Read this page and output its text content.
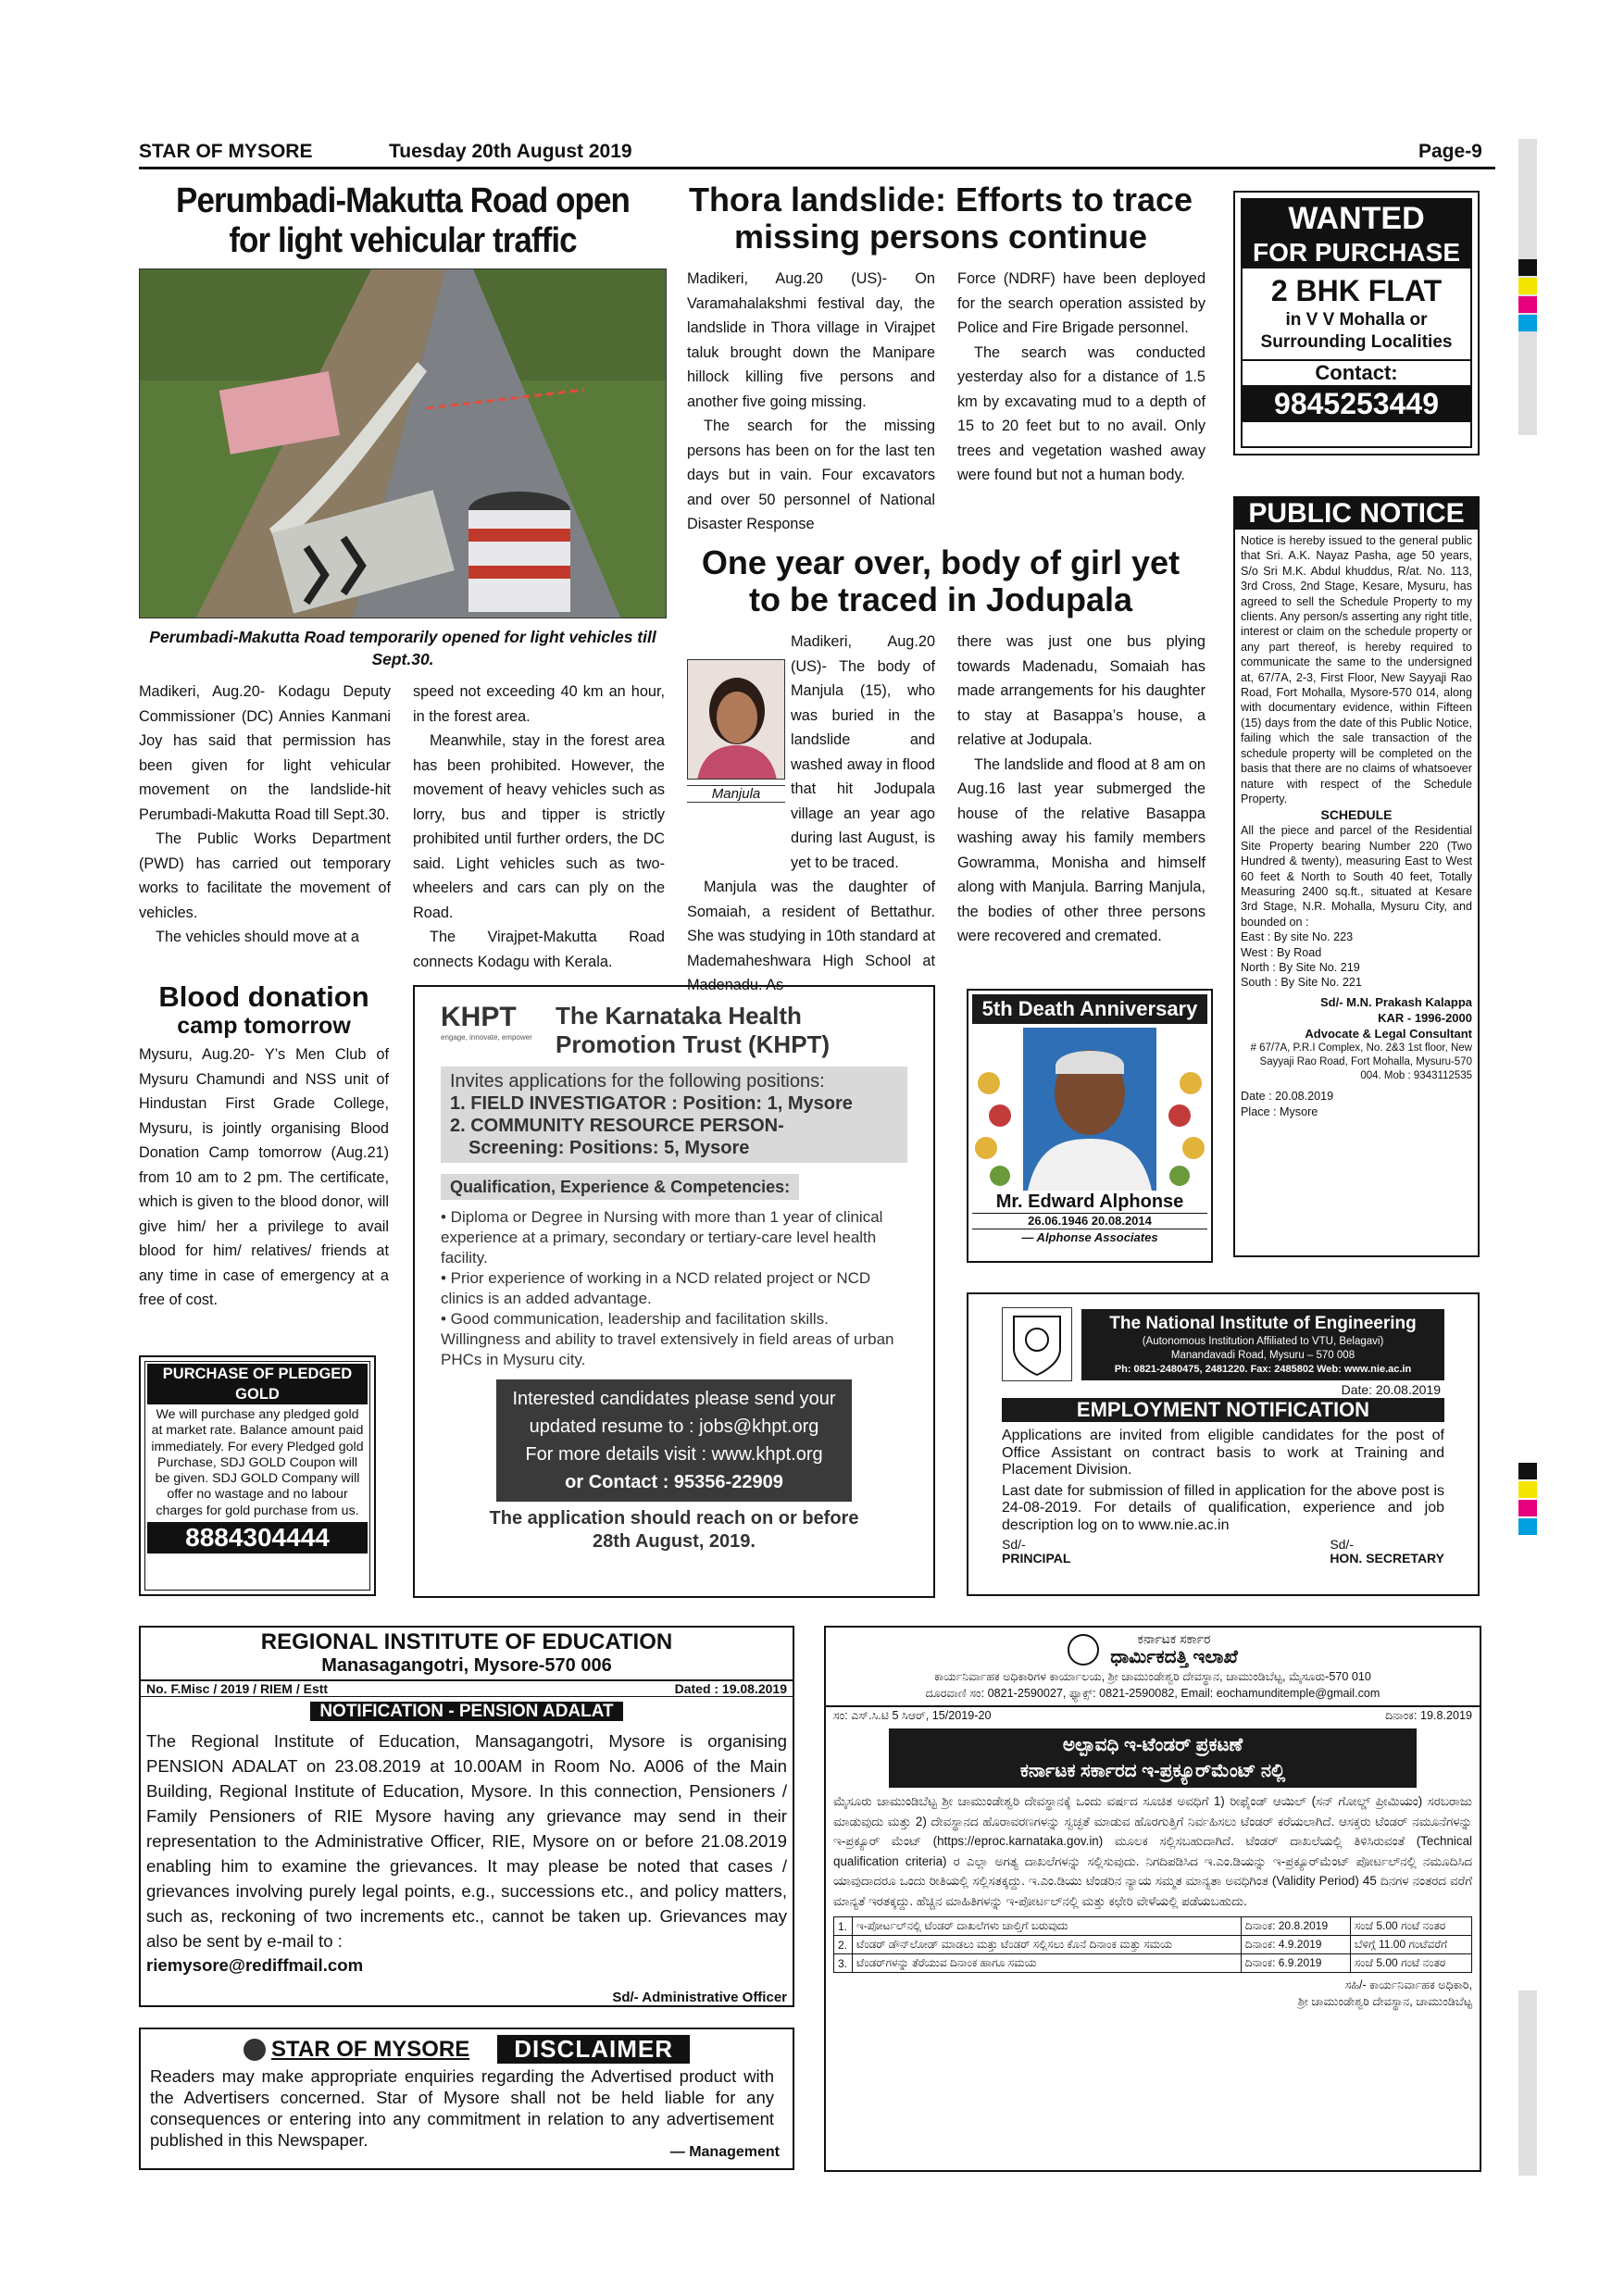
STAR OF MYSORE	Tuesday 20th August 2019	Page-9
Perumbadi-Makutta Road open for light vehicular traffic
Perumbadi-Makutta Road temporarily opened for light vehicles till Sept.30.

Madikeri, Aug.20- Kodagu Deputy Commissioner (DC) Annies Kanmani Joy has said that permission has been given for light vehicular movement on the landslide-hit Perumbadi-Makutta Road till Sept.30.

The Public Works Department (PWD) has carried out temporary works to facilitate the movement of vehicles.

The vehicles should move at a

speed not exceeding 40 km an hour, in the forest area.

Meanwhile, stay in the forest area has been prohibited. However, the movement of heavy vehicles such as lorry, bus and tipper is strictly prohibited until further orders, the DC said. Light vehicles such as two-wheelers and cars can ply on the Road.

The Virajpet-Makutta Road connects Kodagu with Kerala.

Thora landslide: Efforts to trace missing persons continue

Madikeri, Aug.20 (US)- On Varamahalakshmi festival day, the landslide in Thora village in Virajpet taluk brought down the Manipare hillock killing five persons and another five going missing.

The search for the missing persons has been on for the last ten days but in vain. Four excavators and over 50 personnel of National Disaster Response

Force (NDRF) have been deployed for the search operation assisted by Police and Fire Brigade personnel.

The search was conducted yesterday also for a distance of 1.5 km by excavating mud to a depth of 15 to 20 feet but to no avail. Only trees and vegetation washed away were found but not a human body.

One year over, body of girl yet to be traced in Jodupala
Manjula

Madikeri, Aug.20 (US)- The body of Manjula (15), who was buried in the landslide and washed away in flood that hit Jodupala village an year ago during last August, is yet to be traced.

Manjula was the daughter of Somaiah, a resident of Bettathur. She was studying in 10th standard at Mademaheshwara High School at Madenadu. As

there was just one bus plying towards Madenadu, Somaiah has made arrangements for his daughter to stay at Basappa’s house, a relative at Jodupala.

The landslide and flood at 8 am on Aug.16 last year submerged the house of the relative Basappa washing away his family members Gowramma, Monisha and himself along with Manjula. Barring Manjula, the bodies of other three persons were recovered and cremated.

WANTED
FOR PURCHASE
2 BHK FLAT
in V V Mohalla or
Surrounding Localities
Contact:
9845253449
PUBLIC NOTICE
Notice is hereby issued to the general public that Sri. A.K. Nayaz Pasha, age 50 years, S/o Sri M.K. Abdul khuddus, R/at. No. 113, 3rd Cross, 2nd Stage, Kesare, Mysuru, has agreed to sell the Schedule Property to my clients. Any person/s asserting any right title, interest or claim on the schedule property or any part thereof, is hereby required to communicate the same to the undersigned at, 67/7A, 2-3, First Floor, New Sayyaji Rao Road, Fort Mohalla, Mysore-570 014, along with documentary evidence, within Fifteen (15) days from the date of this Public Notice, failing which the sale transaction of the schedule property will be completed on the basis that there are no claims of whatsoever nature with respect of the Schedule Property.
SCHEDULE
All the piece and parcel of the Residential Site Property bearing Number 220 (Two Hundred & twenty), measuring East to West 60 feet & North to South 40 feet, Totally Measuring 2400 sq.ft., situated at Kesare 3rd Stage, N.R. Mohalla, Mysuru City, and bounded on :
East : By site No. 223
West : By Road
North : By Site No. 219
South : By Site No. 221
Sd/- M.N. Prakash Kalappa
KAR - 1996-2000
Advocate & Legal Consultant
# 67/7A, P.R.I Complex, No. 2&3 1st floor, New Sayyaji Rao Road, Fort Mohalla, Mysuru-570 004. Mob : 9343112535
Date : 20.08.2019
Place : Mysore
Blood donation
camp tomorrow
Mysuru, Aug.20- Y’s Men Club of Mysuru Chamundi and NSS unit of Hindustan First Grade College, Mysuru, is jointly organising Blood Donation Camp tomorrow (Aug.21) from 10 am to 2 pm. The certificate, which is given to the blood donor, will give him/ her a privilege to avail blood for him/ relatives/ friends at any time in case of emergency at a free of cost.
PURCHASE OF PLEDGED GOLD
We will purchase any pledged gold at market rate. Balance amount paid immediately. For every Pledged gold Purchase, SDJ GOLD Coupon will be given. SDJ GOLD Company will offer no wastage and no labour charges for gold purchase from us.
8884304444
KHPT
engage, innovate, empower
The Karnataka Health
Promotion Trust (KHPT)
Invites applications for the following positions:
1. FIELD INVESTIGATOR : Position: 1, Mysore
2. COMMUNITY RESOURCE PERSON-
Screening: Positions: 5, Mysore
Qualification, Experience & Competencies:
• Diploma or Degree in Nursing with more than 1 year of clinical experience at a primary, secondary or tertiary-care level health facility.
• Prior experience of working in a NCD related project or NCD clinics is an added advantage.
• Good communication, leadership and facilitation skills. Willingness and ability to travel extensively in field areas of urban PHCs in Mysuru city.
Interested candidates please send your
updated resume to : jobs@khpt.org
For more details visit : www.khpt.org
or Contact : 95356-22909
The application should reach on or before
28th August, 2019.
5th Death Anniversary
Mr. Edward Alphonse
26.06.1946 20.08.2014
— Alphonse Associates
The National Institute of Engineering
(Autonomous Institution Affiliated to VTU, Belagavi)
Manandavadi Road, Mysuru – 570 008
Ph: 0821-2480475, 2481220. Fax: 2485802 Web: www.nie.ac.in
Date: 20.08.2019
EMPLOYMENT NOTIFICATION
Applications are invited from eligible candidates for the post of Office Assistant on contract basis to work at Training and Placement Division.
Last date for submission of filled in application for the above post is 24-08-2019. For details of qualification, experience and job description log on to www.nie.ac.in
Sd/-
PRINCIPAL
Sd/-
HON. SECRETARY
REGIONAL INSTITUTE OF EDUCATION
Manasagangotri, Mysore-570 006
No. F.Misc / 2019 / RIEM / Estt	Dated : 19.08.2019
NOTIFICATION - PENSION ADALAT
The Regional Institute of Education, Mansagangotri, Mysore is organising PENSION ADALAT on 23.08.2019 at 10.00AM in Room No. A006 of the Main Building, Regional Institute of Education, Mysore. In this connection, Pensioners / Family Pensioners of RIE Mysore having any grievance may send in their representation to the Administrative Officer, RIE, Mysore on or before 21.08.2019 enabling him to examine the grievances. It may please be noted that cases / grievances involving purely legal points, e.g., successions etc., and policy matters, such as, reckoning of two increments etc., cannot be taken up. Grievances may also be sent by e-mail to :
riemysore@rediffmail.com
Sd/- Administrative Officer
STAR OF MYSORE	DISCLAIMER
Readers may make appropriate enquiries regarding the Advertised product with the Advertisers concerned. Star of Mysore shall not be held liable for any consequences or entering into any commitment in relation to any advertisement published in this Newspaper.
— Management
ಕರ್ನಾಟಕ ಸರ್ಕಾರ
ಧಾರ್ಮಿಕದತ್ತಿ ಇಲಾಖೆ
ಕಾರ್ಯನಿರ್ವಾಹಕ ಅಧಿಕಾರಿಗಳ ಕಾರ್ಯಾಲಯ, ಶ್ರೀ ಚಾಮುಂಡೇಶ್ವರಿ ದೇವಸ್ಥಾನ, ಚಾಮುಂಡಿಬೆಟ್ಟ, ಮೈಸೂರು-570 010
ದೂರವಾಣಿ ಸಂ: 0821-2590027, ಫ್ಯಾಕ್ಸ್: 0821-2590082, Email: eochamunditemple@gmail.com
ಸಂ: ಎಸ್.ಸಿ.ಟಿ 5 ಸಿಆರ್, 15/2019-20	ದಿನಾಂಕ: 19.8.2019
ಅಲ್ಪಾವಧಿ ಇ-ಟೆಂಡರ್ ಪ್ರಕಟಣೆ
ಕರ್ನಾಟಕ ಸರ್ಕಾರದ ಇ-ಪ್ರಕ್ಯೂರ್‌ಮೆಂಟ್ ನಲ್ಲಿ
ಮೈಸೂರು ಚಾಮುಂಡಿಬೆಟ್ಟ ಶ್ರೀ ಚಾಮುಂಡೇಶ್ವರಿ ದೇವಸ್ಥಾನಕ್ಕೆ ಒಂದು ವರ್ಷದ ಸೂಚಿತ ಅವಧಿಗೆ 1) ರೀಫೈಂಡ್ ಆಯಿಲ್ (ಸನ್ ಗೋಲ್ಡ್ ಪ್ರೀಮಿಯಂ) ಸರಬರಾಜು ಮಾಡುವುದು ಮತ್ತು 2) ದೇವಸ್ಥಾನದ ಹೊರಾವರಣಗಳನ್ನು ಸ್ವಚ್ಛತೆ ಮಾಡುವ ಹೊರಗುತ್ತಿಗೆ ನಿರ್ವಹಿಸಲು ಟೆಂಡರ್ ಕರೆಯಲಾಗಿದೆ. ಆಸಕ್ತರು ಟೆಂಡರ್ ನಮೂನೆಗಳನ್ನು ಇ-ಪ್ರಕ್ಯೂರ್ ಮೆಂಟ್ (https://eproc.karnataka.gov.in) ಮೂಲಕ ಸಲ್ಲಿಸಬಹುದಾಗಿದೆ. ಟೆಂಡರ್ ದಾಖಲೆಯಲ್ಲಿ ತಿಳಿಸಿರುವಂತೆ (Technical qualification criteria) ರ ಎಲ್ಲಾ ಅಗತ್ಯ ದಾಖಲೆಗಳನ್ನು ಸಲ್ಲಿಸುವುದು. ನಿಗದಿಪಡಿಸಿದ ಇ.ಎಂ.ಡಿಯನ್ನು ಇ-ಪ್ರಕ್ಯೂರ್‌ಮೆಂಟ್ ಪೋರ್ಟಲ್‌ನಲ್ಲಿ ನಮೂದಿಸಿದ ಯಾವುದಾದರೂ ಒಂದು ರೀತಿಯಲ್ಲಿ ಸಲ್ಲಿಸತಕ್ಕದ್ದು. ಇ.ಎಂ.ಡಿಯು ಟೆಂಡರಿನ ನ್ಯಾಯ ಸಮ್ಮತ ಮಾನ್ಯತಾ ಅವಧಿಗಿಂತ (Validity Period) 45 ದಿನಗಳ ನಂತರದ ವರೆಗೆ ಮಾನ್ಯತೆ ಇರತಕ್ಕದ್ದು. ಹೆಚ್ಚಿನ ಮಾಹಿತಿಗಳನ್ನು ಇ-ಪೋರ್ಟಲ್‌ನಲ್ಲಿ ಮತ್ತು ಕಛೇರಿ ವೇಳೆಯಲ್ಲಿ ಪಡೆಯಬಹುದು.
1.	ಇ-ಪೋರ್ಟಲ್‌ನಲ್ಲಿ ಟೆಂಡರ್ ದಾಖಲೆಗಳು ಚಾಲ್ತಿಗೆ ಬರುವುದು	ದಿನಾಂಕ: 20.8.2019	ಸಂಜೆ 5.00 ಗಂಟೆ ನಂತರ
2.	ಟೆಂಡರ್ ಡೌನ್‌ಲೋಡ್ ಮಾಡಲು ಮತ್ತು ಟೆಂಡರ್ ಸಲ್ಲಿಸಲು ಕೊನೆ ದಿನಾಂಕ ಮತ್ತು ಸಮಯ	ದಿನಾಂಕ: 4.9.2019	ಬೆಳಿಗ್ಗೆ 11.00 ಗಂಟೆವರೆಗೆ
3.	ಟೆಂಡರ್‌ಗಳನ್ನು ತೆರೆಯುವ ದಿನಾಂಕ ಹಾಗೂ ಸಮಯ	ದಿನಾಂಕ: 6.9.2019	ಸಂಜೆ 5.00 ಗಂಟೆ ನಂತರ
ಸಹಿ/- ಕಾರ್ಯನಿರ್ವಾಹಕ ಅಧಿಕಾರಿ,
ಶ್ರೀ ಚಾಮುಂಡೇಶ್ವರಿ ದೇವಸ್ಥಾನ, ಚಾಮುಂಡಿಬೆಟ್ಟ
